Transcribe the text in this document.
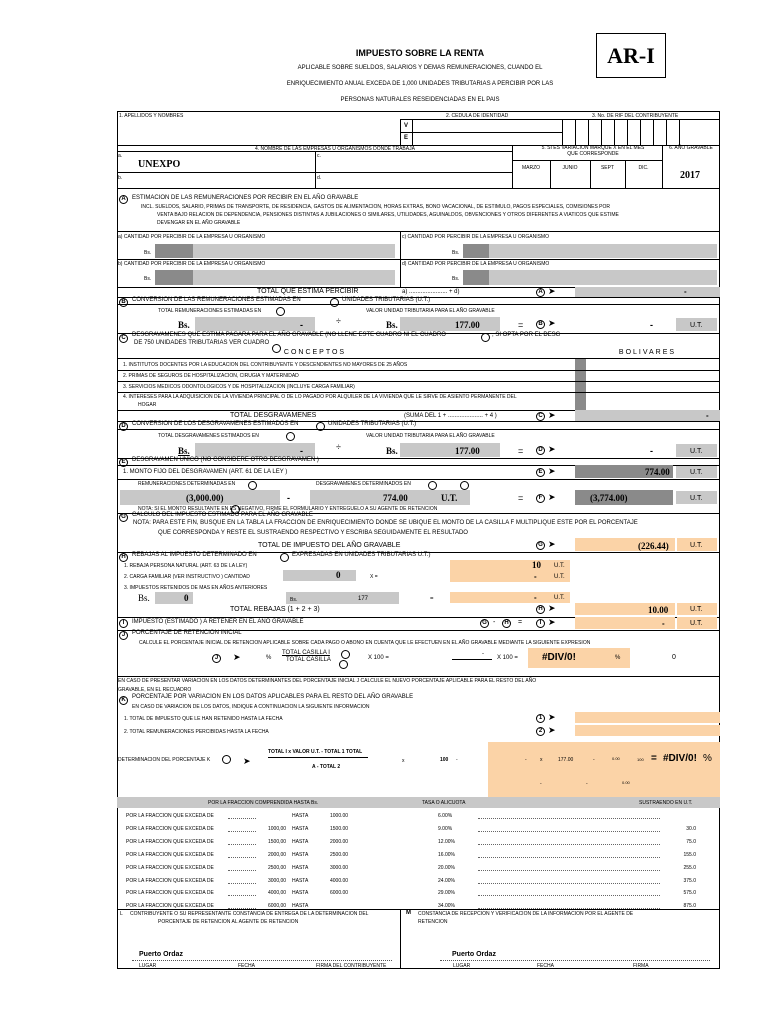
IMPUESTO SOBRE LA RENTA
APLICABLE SOBRE SUELDOS, SALARIOS Y DEMAS REMUNERACIONES, CUANDO EL
ENRIQUECIMIENTO ANUAL EXCEDA DE 1,000 UNIDADES TRIBUTARIAS A PERCIBIR POR LAS
PERSONAS NATURALES RESEIDENCIADAS EN EL PAIS
AR-I
1. APELLIDOS Y NOMBRES	2. CEDULA DE IDENTIDAD	3. No. DE RIF DEL CONTRIBUYENTE
V
E
4. NOMBRE DE LAS EMPRESAS U ORGANISMOS DONDE TRABAJA	5. SI ES VARIACION MARQUE X EN EL MES QUE CORRESPONDE
6. AÑO GRAVABLE
MARZO	JUNIO	SEPT	DIC.
2017
a.
UNEXPO
c.
b.	d.
A	ESTIMACION DE LAS REMUNERACIONES POR RECIBIR EN EL AÑO GRAVABLE
INCL. SUELDOS, SALARIO, PRIMAS DE TRANSPORTE, DE RESIDENCIA, GASTOS DE ALIMENTACION, HORAS EXTRAS, BONO VACACIONAL, DE ESTIMULO, PAGOS ESPECIALES, COMISIONES POR
VENTA BAJO RELACION DE DEPENDENCIA, PENSIONES DISTINTAS A JUBILACIONES O SIMILARES, UTILIDADES, AGUINALDOS, OBVENCIONES Y OTROS DIFERENTES A VIATICOS QUE ESTIME
DEVENGAR EN EL AÑO GRAVABLE
a) CANTIDAD POR PERCIBIR DE LA EMPRESA U ORGANISMO	c) CANTIDAD POR PERCIBIR DE LA EMPRESA U ORGANISMO
Bs.	Bs.
b) CANTIDAD POR PERCIBIR DE LA EMPRESA U ORGANISMO	d) CANTIDAD POR PERCIBIR DE LA EMPRESA U ORGANISMO
Bs.	Bs.
TOTAL QUE ESTIMA PERCIBIR	a) ....................... + d)	A ➤	-
B	CONVERSION DE LAS REMUNERACIONES ESTIMADAS EN	UNIDADES TRIBUTARIAS (U.T.)
TOTAL REMUNERACIONES ESTIMADAS EN	VALOR UNIDAD TRIBUTARIA PARA EL AÑO GRAVABLE
Bs.	-	÷	Bs.	177.00	=	B ➤	-	U.T.
C	DESGRAVAMENES QUE ESTIMA PAGARA PARA EL AÑO GRAVABLE (NO LLENE ESTE CUADRO NI EL CUADRO	, SI OPTA POR EL DESG
DE 750 UNIDADES TRIBUTARIAS VER CUADRO
CONCEPTOS	BOLIVARES
1. INSTITUTOS DOCENTES POR LA EDUCACION DEL CONTRIBUYENTE Y DESCENDIENTES NO MAYORES DE 25 AÑOS
2. PRIMAS DE SEGUROS DE HOSPITALIZACION, CIRUGIA Y MATERNIDAD
3. SERVICIOS MEDICOS ODONTOLOGICOS Y DE HOSPITALIZACION (INCLUYE CARGA FAMILIAR)
4. INTERESES PARA LA ADQUISICION DE LA VIVIENDA PRINCIPAL O DE LO PAGADO POR ALQUILER DE LA VIVIENDA QUE LE SIRVE DE ASIENTO PERMANENTE DEL
HOGAR
TOTAL DESGRAVAMENES	(SUMA DEL 1 + ..................... + 4 )	C ➤	-
D	CONVERSION DE LOS DESGRAVAMENES ESTIMADOS EN	UNIDADES TRIBUTARIAS (U.T.)
TOTAL DESGRAVAMENES ESTIMADOS EN	VALOR UNIDAD TRIBUTARIA PARA EL AÑO GRAVABLE
Bs.	-	÷	Bs.	177.00	=	D ➤	-	U.T.
E	DESGRAVAMEN UNICO (NO CONSIDERE OTRO DESGRAVAMEN )
1. MONTO FIJO DEL DESGRAVAMEN (ART. 61 DE LA LEY )	E ➤	774.00	U.T.
REMUNERACIONES DETERMINADAS EN	DESGRAVAMENES DETERMINADOS EN
(3,000.00)	-	774.00	U.T.	=	F ➤	(3,774.00)	U.T.
NOTA: SI EL MONTO RESULTANTE EN ES NEGATIVO, FIRME EL FORMULARIO Y ENTREGUELO A SU AGENTE DE RETENCION
G	CALCULO DEL IMPUESTO ESTIMADO PARA EL AÑO GRAVABLE
NOTA: PARA ESTE FIN, BUSQUE EN LA TABLA LA FRACCION DE ENRIQUECIMIENTO DONDE SE UBIQUE EL MONTO DE LA CASILLA F MULTIPLIQUE ESTE POR EL PORCENTAJE
QUE CORRESPONDA Y RESTE EL SUSTRAENDO RESPECTIVO Y ESCRIBA SEGUIDAMENTE EL RESULTADO
TOTAL DE IMPUESTO DEL AÑO GRAVABLE	G ➤	(226.44)	U.T.
H	REBAJAS AL IMPUESTO DETERMINADO EN	EXPRESADAS EN UNIDADES TRIBUTARIAS U.T.)
1. REBAJA PERSONA NATURAL (ART. 63 DE LA LEY)	10 U.T.
2. CARGA FAMILIAR (VER INSTRUCTIVO ) CANTIDAD	0	X =	-	U.T.
3. IMPUESTOS RETENIDOS DE MAS EN AÑOS ANTERIORES
Bs.	0	Bs.	177	=	-	U.T.
TOTAL REBAJAS (1 + 2 + 3)	H ➤	10.00	U.T.
I	IMPUESTO (ESTIMADO ) A RETENER EN EL AÑO GRAVABLE	G -	H	=	I ➤	-	U.T.
J	PORCENTAJE DE RETENCION INICIAL
CALCULE EL PORCENTAJE INICIAL DE RETENCION APLICABLE SOBRE CADA PAGO O ABONO EN CUENTA QUE LE EFECTUEN EN EL AÑO GRAVABLE MEDIANTE LA SIGUIENTE EXPRESION
J	➤	%
TOTAL CASILLA I
TOTAL CASILLA	X 100 =
-
X 100 = #DIV/0!	%	0
EN CASO DE PRESENTAR VARIACION EN LOS DATOS DETERMINANTES DEL PORCENTAJE INICIAL J CALCULE EL NUEVO PORCENTAJE APLICABLE PARA EL RESTO DEL AÑO
GRAVABLE, EN EL RECUADRO
K	PORCENTAJE POR VARIACION EN LOS DATOS APLICABLES PARA EL RESTO DEL AÑO GRAVABLE
EN CASO DE VARIACION DE LOS DATOS, INDIQUE A CONTINUACION LA SIGUIENTE INFORMACION
1. TOTAL DE IMPUESTO QUE LE HAN RETENIDO HASTA LA FECHA	1 ➤
2. TOTAL REMUNERACIONES PERCIBIDAS HASTA LA FECHA	2 ➤
DETERMINACION DEL PORCENTAJE K	➤
TOTAL I x VALOR U.T. - TOTAL 1 TOTAL
A - TOTAL 2
x	100 -	-	x	177.00	-	0.00	100 = #DIV/0! %
-	-	0.00
POR LA FRACCION COMPRENDIDA HASTA Bs.	TASA O ALICUOTA	SUSTRAENDO EN U.T.
POR LA FRACCION QUE EXCEDA DE	HASTA	1000.00	6.00%
POR LA FRACCION QUE EXCEDA DE	1000,00 HASTA	1500.00	9.00%	30.0
POR LA FRACCION QUE EXCEDA DE	1500,00 HASTA	2000.00	12.00%	75.0
POR LA FRACCION QUE EXCEDA DE	2000,00 HASTA	2500.00	16.00%	155.0
POR LA FRACCION QUE EXCEDA DE	2500,00 HASTA	3000.00	20.00%	255.0
POR LA FRACCION QUE EXCEDA DE	3000,00 HASTA	4000.00	24.00%	375.0
POR LA FRACCION QUE EXCEDA DE	4000,00 HASTA	6000.00	29.00%	575.0
POR LA FRACCION QUE EXCEDA DE	6000,00 HASTA	34.00%	875.0
L CONTRIBUYENTE O SU REPRESENTANTE CONSTANCIA DE ENTREGA DE LA DETERMINACION DEL
PORCENTAJE DE RETENCION AL AGENTE DE RETENCION
M CONSTANCIA DE RECEPCION Y VERIFICACION DE LA INFORMACION POR EL AGENTE DE
RETENCION
Puerto Ordaz	Puerto Ordaz
LUGAR	FECHA	FIRMA DEL CONTRIBUYENTE	LUGAR	FECHA	FIRMA
